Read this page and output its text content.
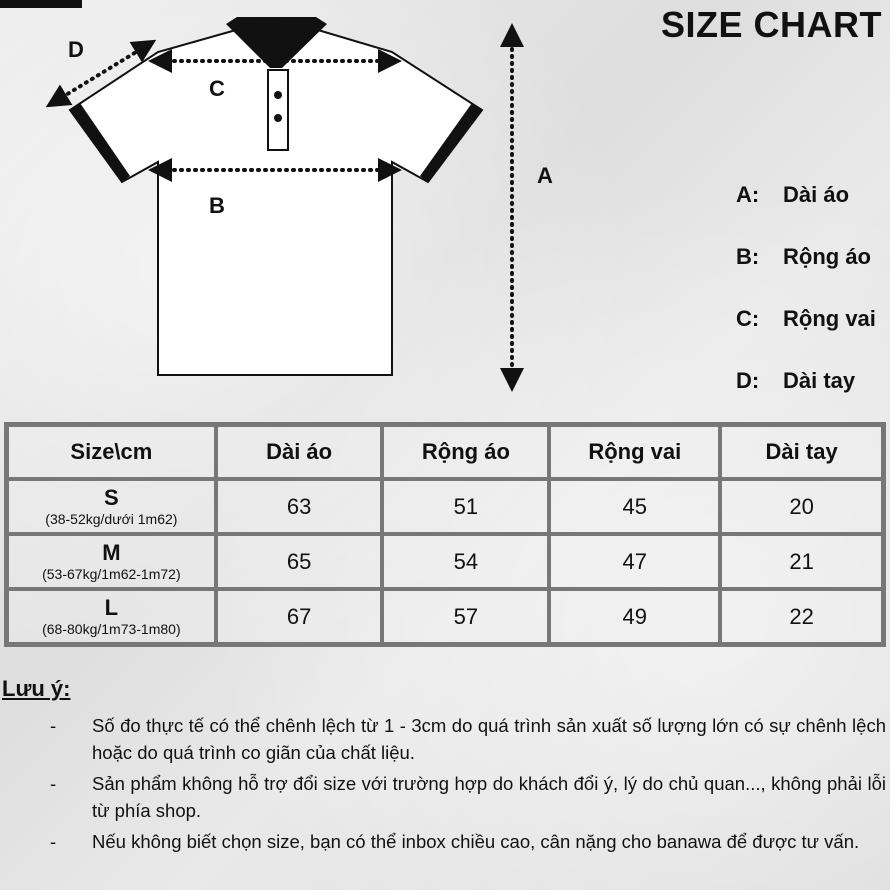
SIZE CHART
D
C
B
A
A:	Dài áo
B:	Rộng áo
C:	Rộng vai
D:	Dài tay
Size\cm	Dài áo	Rộng áo	Rộng vai	Dài tay

S
(38-52kg/dưới 1m62)	63	51	45	20

M
(53-67kg/1m62-1m72)	65	54	47	21

L
(68-80kg/1m73-1m80)	67	57	49	22
Lưu ý:
-	Số đo thực tế có thể chênh lệch từ 1 - 3cm do quá trình sản xuất số lượng lớn có sự chênh lệch hoặc do quá trình co giãn của chất liệu.
-	Sản phẩm không hỗ trợ đổi size với trường hợp do khách đổi ý, lý do chủ quan..., không phải lỗi từ phía shop.
-	Nếu không biết chọn size, bạn có thể inbox chiều cao, cân nặng cho banawa để được tư vấn.
